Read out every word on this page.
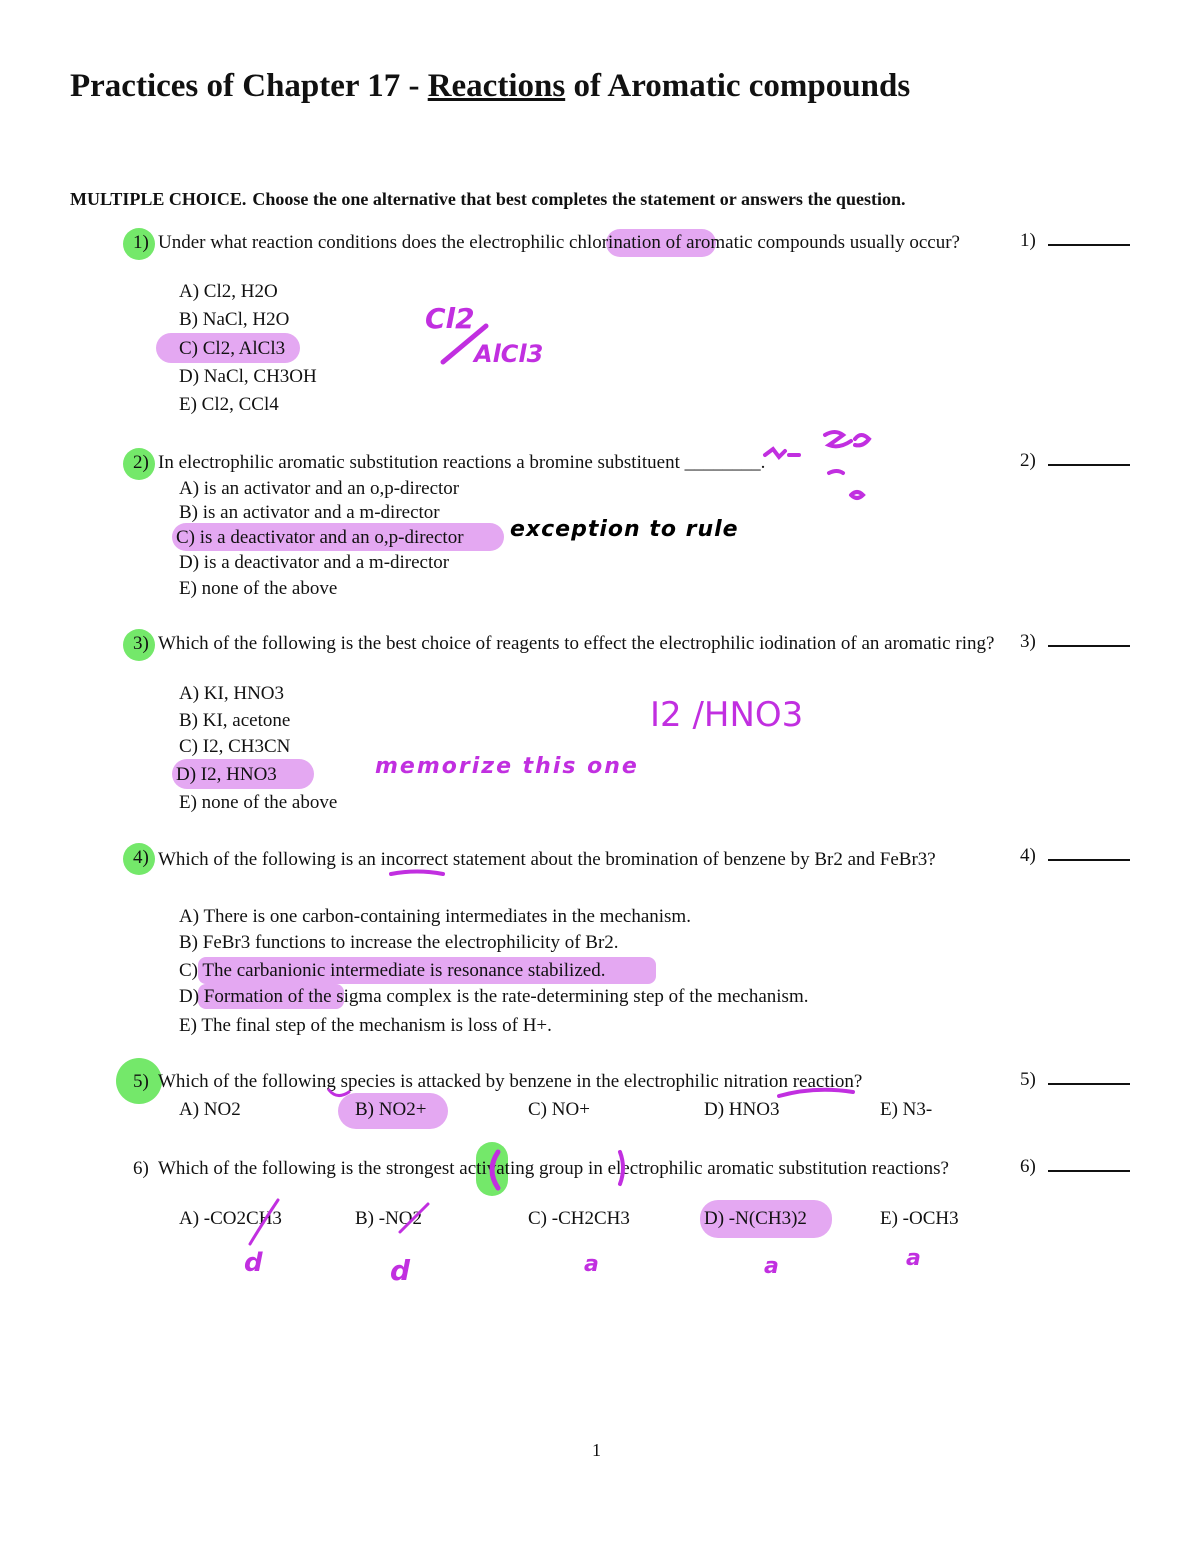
Practices of Chapter 17 - Reactions of Aromatic compounds
MULTIPLE CHOICE. Choose the one alternative that best completes the statement or answers the question.
1) Under what reaction conditions does the electrophilic chlorination of aromatic compounds usually occur?	1)
A) Cl2, H2O
B) NaCl, H2O
C) Cl2, AlCl3
D) NaCl, CH3OH
E) Cl2, CCl4
Cl2
AlCl3
2) In electrophilic aromatic substitution reactions a bromine substituent ________.	2)
A) is an activator and an o,p-director
B) is an activator and a m-director
C) is a deactivator and an o,p-director
D) is a deactivator and a m-director
E) none of the above
exception to rule
3) Which of the following is the best choice of reagents to effect the electrophilic iodination of an aromatic ring? 3)
A) KI, HNO3
B) KI, acetone
C) I2, CH3CN
D) I2, HNO3
E) none of the above
I2 /HNO3
memorize this one
4) Which of the following is an incorrect statement about the bromination of benzene by Br2 and FeBr3?	4)
A) There is one carbon-containing intermediates in the mechanism.
B) FeBr3 functions to increase the electrophilicity of Br2.
C) The carbanionic intermediate is resonance stabilized.
D) Formation of the sigma complex is the rate-determining step of the mechanism.
E) The final step of the mechanism is loss of H+.
5) Which of the following species is attacked by benzene in the electrophilic nitration reaction?	5)
A) NO2	B) NO2+	C) NO+	D) HNO3	E) N3-
6) Which of the following is the strongest activating group in electrophilic aromatic substitution reactions?	6)
A) -CO2CH3	B) -NO2	C) -CH2CH3	D) -N(CH3)2	E) -OCH3
d	d	a	a	a
1
